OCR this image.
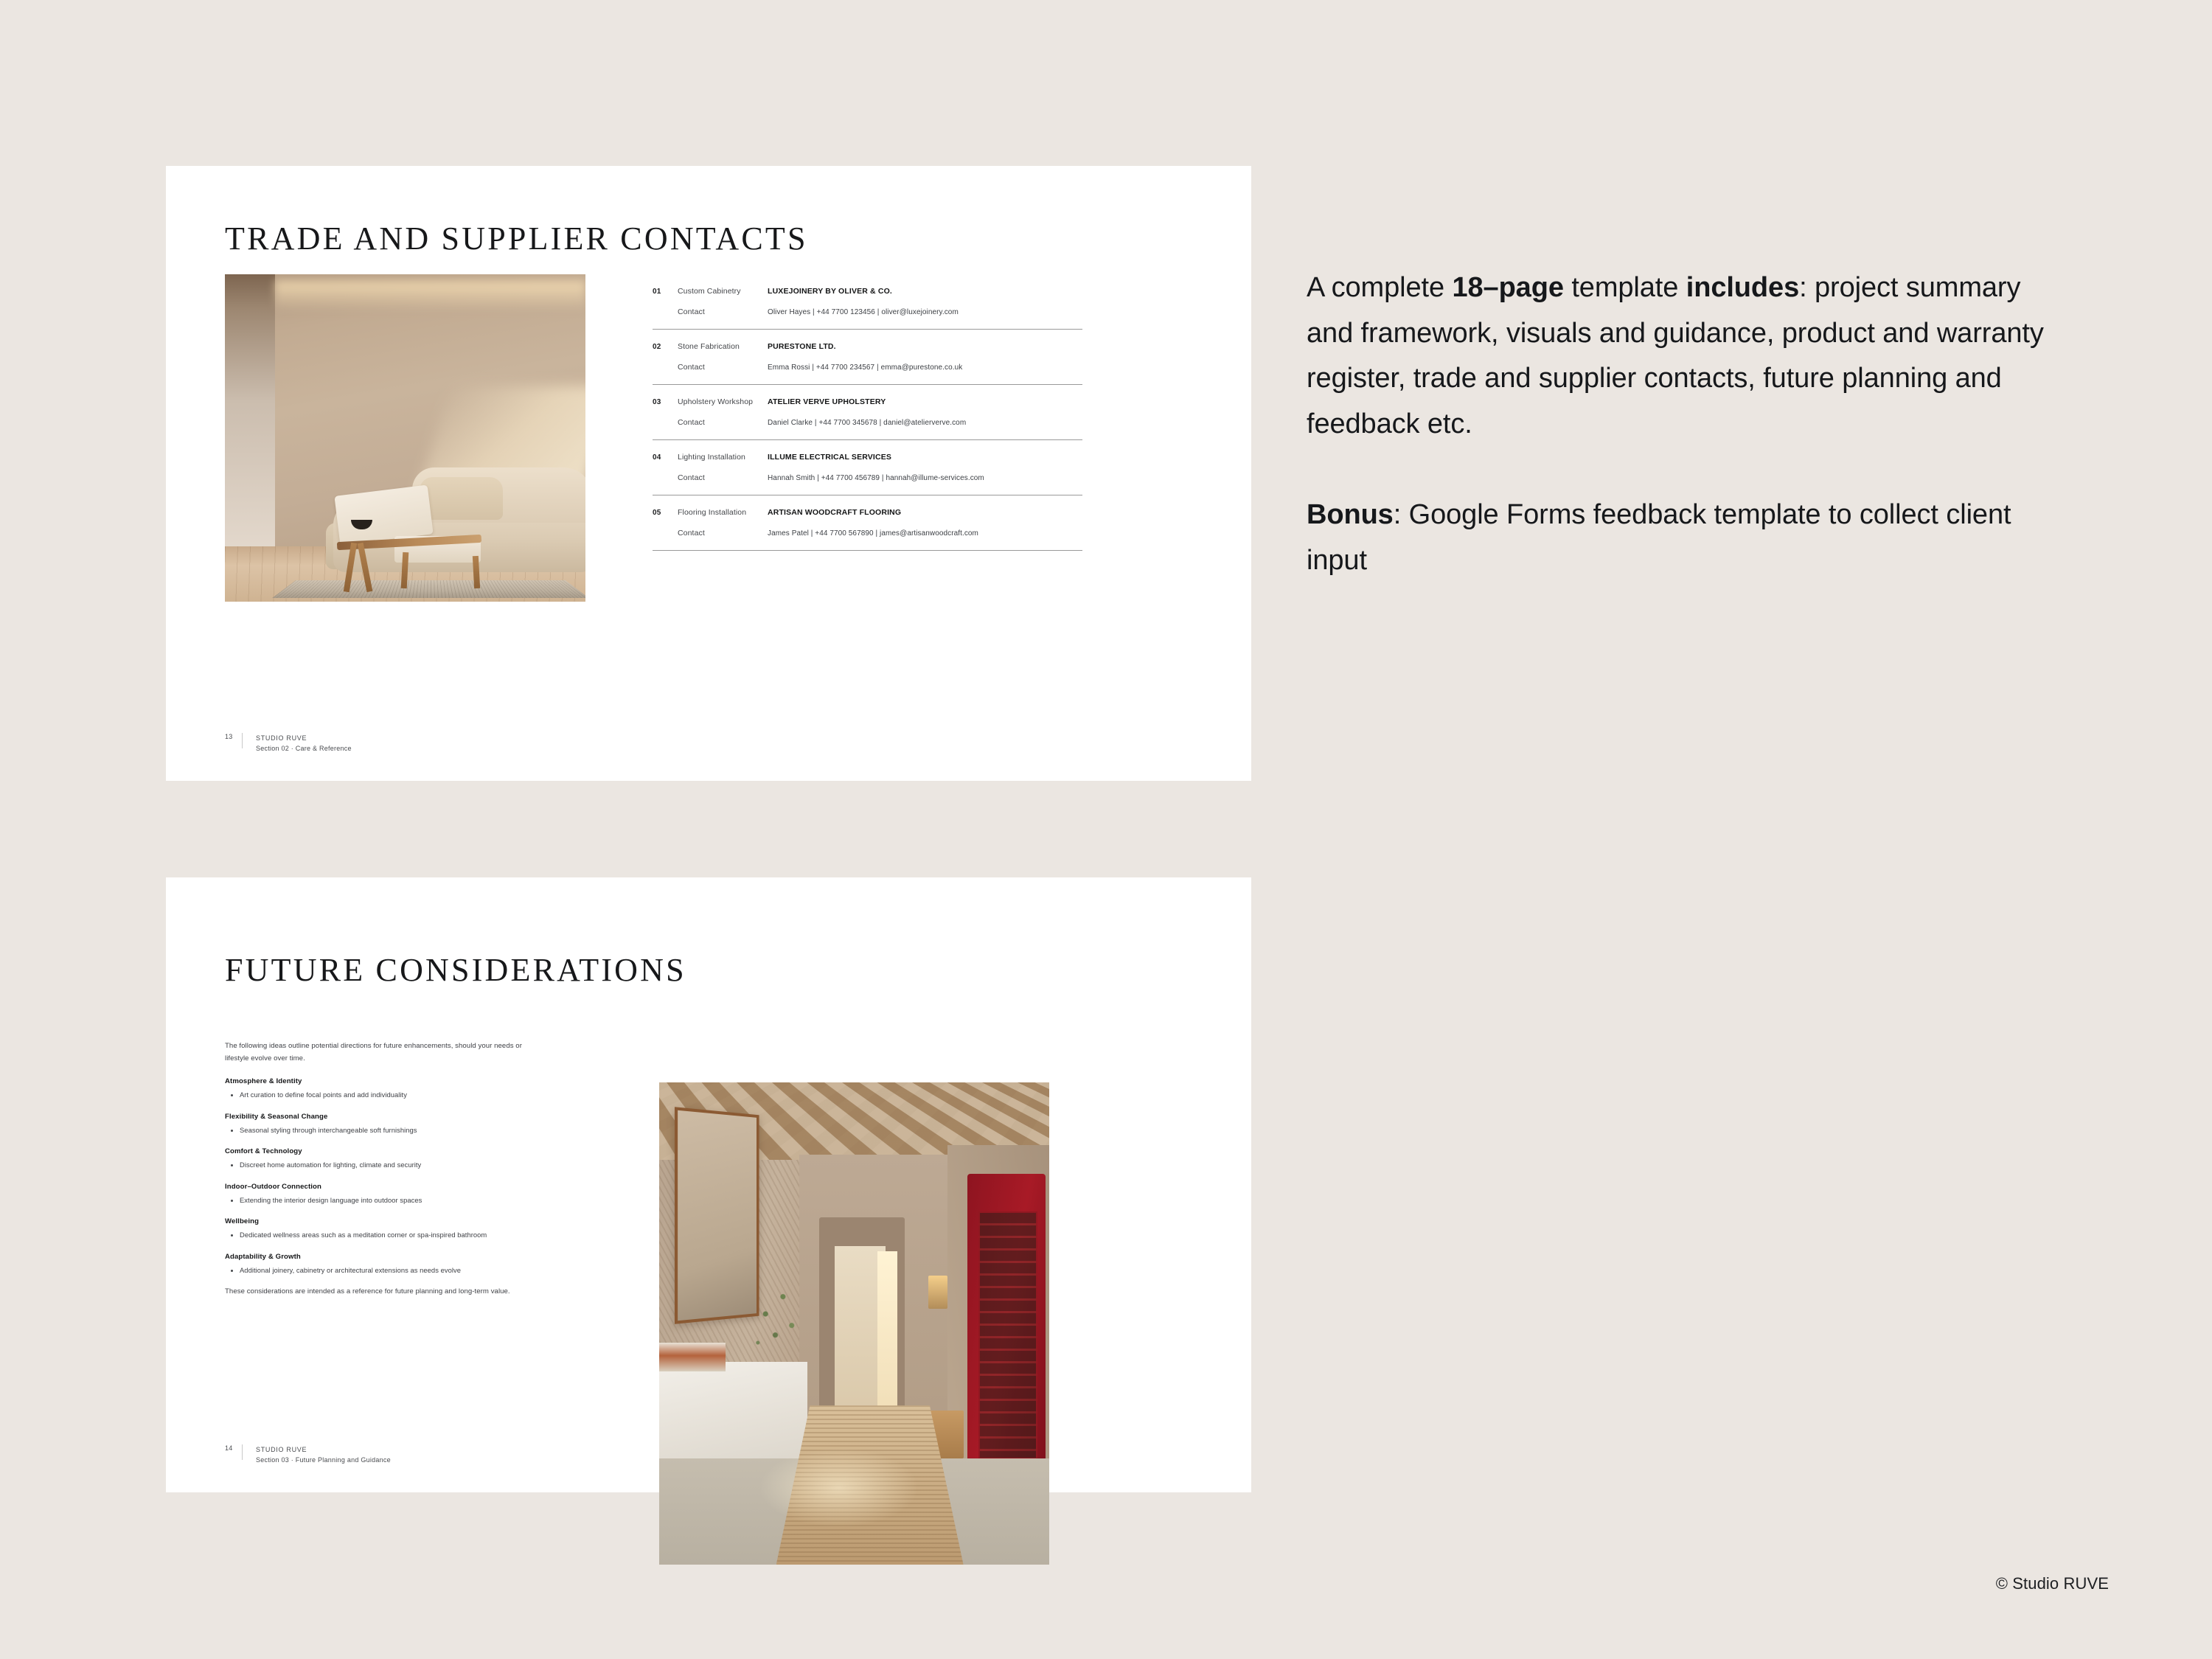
TRADE AND SUPPLIER CONTACTS
01	Custom Cabinetry	LUXEJOINERY BY OLIVER & CO.
Contact	Oliver Hayes | +44 7700 123456 | oliver@luxejoinery.com
02	Stone Fabrication	PURESTONE LTD.
Contact	Emma Rossi | +44 7700 234567 | emma@purestone.co.uk
03	Upholstery Workshop	ATELIER VERVE UPHOLSTERY
Contact	Daniel Clarke | +44 7700 345678 | daniel@atelierverve.com
04	Lighting Installation	ILLUME ELECTRICAL SERVICES
Contact	Hannah Smith | +44 7700 456789 | hannah@illume-services.com
05	Flooring Installation	ARTISAN WOODCRAFT FLOORING
Contact	James Patel | +44 7700 567890 | james@artisanwoodcraft.com
13	STUDIO RUVE
Section 02 · Care & Reference
FUTURE CONSIDERATIONS
The following ideas outline potential directions for future enhancements, should your needs or lifestyle evolve over time.
Atmosphere & Identity
Art curation to define focal points and add individuality
Flexibility & Seasonal Change
Seasonal styling through interchangeable soft furnishings
Comfort & Technology
Discreet home automation for lighting, climate and security
Indoor–Outdoor Connection
Extending the interior design language into outdoor spaces
Wellbeing
Dedicated wellness areas such as a meditation corner or spa-inspired bathroom
Adaptability & Growth
Additional joinery, cabinetry or architectural extensions as needs evolve
These considerations are intended as a reference for future planning and long-term value.
14	STUDIO RUVE
Section 03 · Future Planning and Guidance
A complete 18–page template includes: project summary and framework, visuals and guidance, product and warranty register, trade and supplier contacts, future planning and feedback etc.
Bonus: Google Forms feedback template to collect client input
© Studio RUVE
